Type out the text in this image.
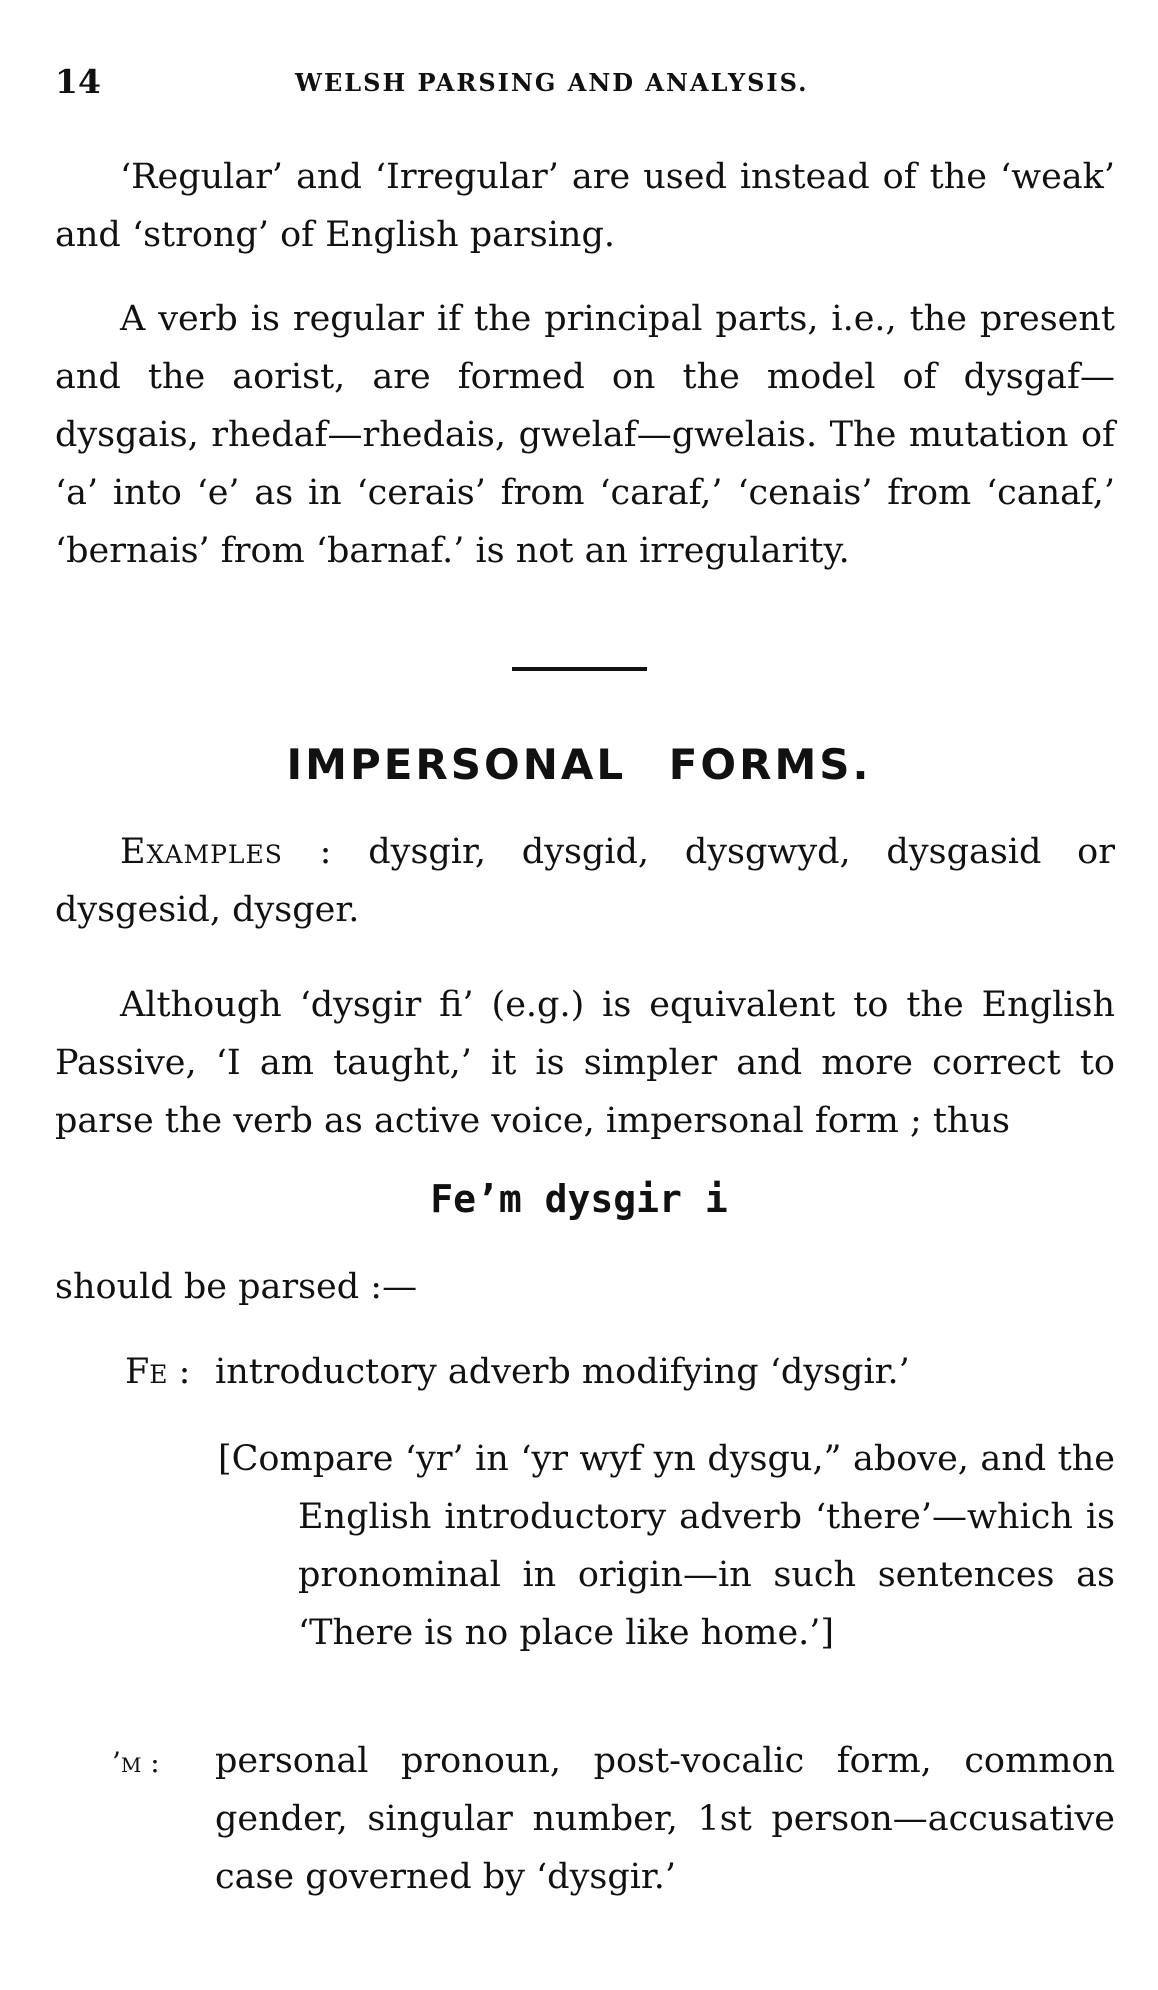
14	WELSH PARSING AND ANALYSIS.

‘Regular’ and ‘Irregular’ are used instead of the ‘weak’ and ‘strong’ of English parsing.

A verb is regular if the principal parts, i.e., the present and the aorist, are formed on the model of dysgaf—dysgais, rhedaf—rhedais, gwelaf—gwelais. The mutation of ‘a’ into ‘e’ as in ‘cerais’ from ‘caraf,’ ‘cenais’ from ‘canaf,’ ‘bernais’ from ‘barnaf.’ is not an irregularity.

IMPERSONAL FORMS.

Examples : dysgir, dysgid, dysgwyd, dysgasid or dysgesid, dysger.

Although ‘dysgir fi’ (e.g.) is equivalent to the English Passive, ‘I am taught,’ it is simpler and more correct to parse the verb as active voice, impersonal form ; thus

Fe’m dysgir i

should be parsed :—

Fe : introductory adverb modifying ‘dysgir.’
[Compare ‘yr’ in ‘yr wyf yn dysgu,” above, and the English introductory adverb ‘there’—which is pronominal in origin—in such sentences as ‘There is no place like home.’]
’m : personal pronoun, post-vocalic form, common gender, singular number, 1st person—accusative case governed by ‘dysgir.’
